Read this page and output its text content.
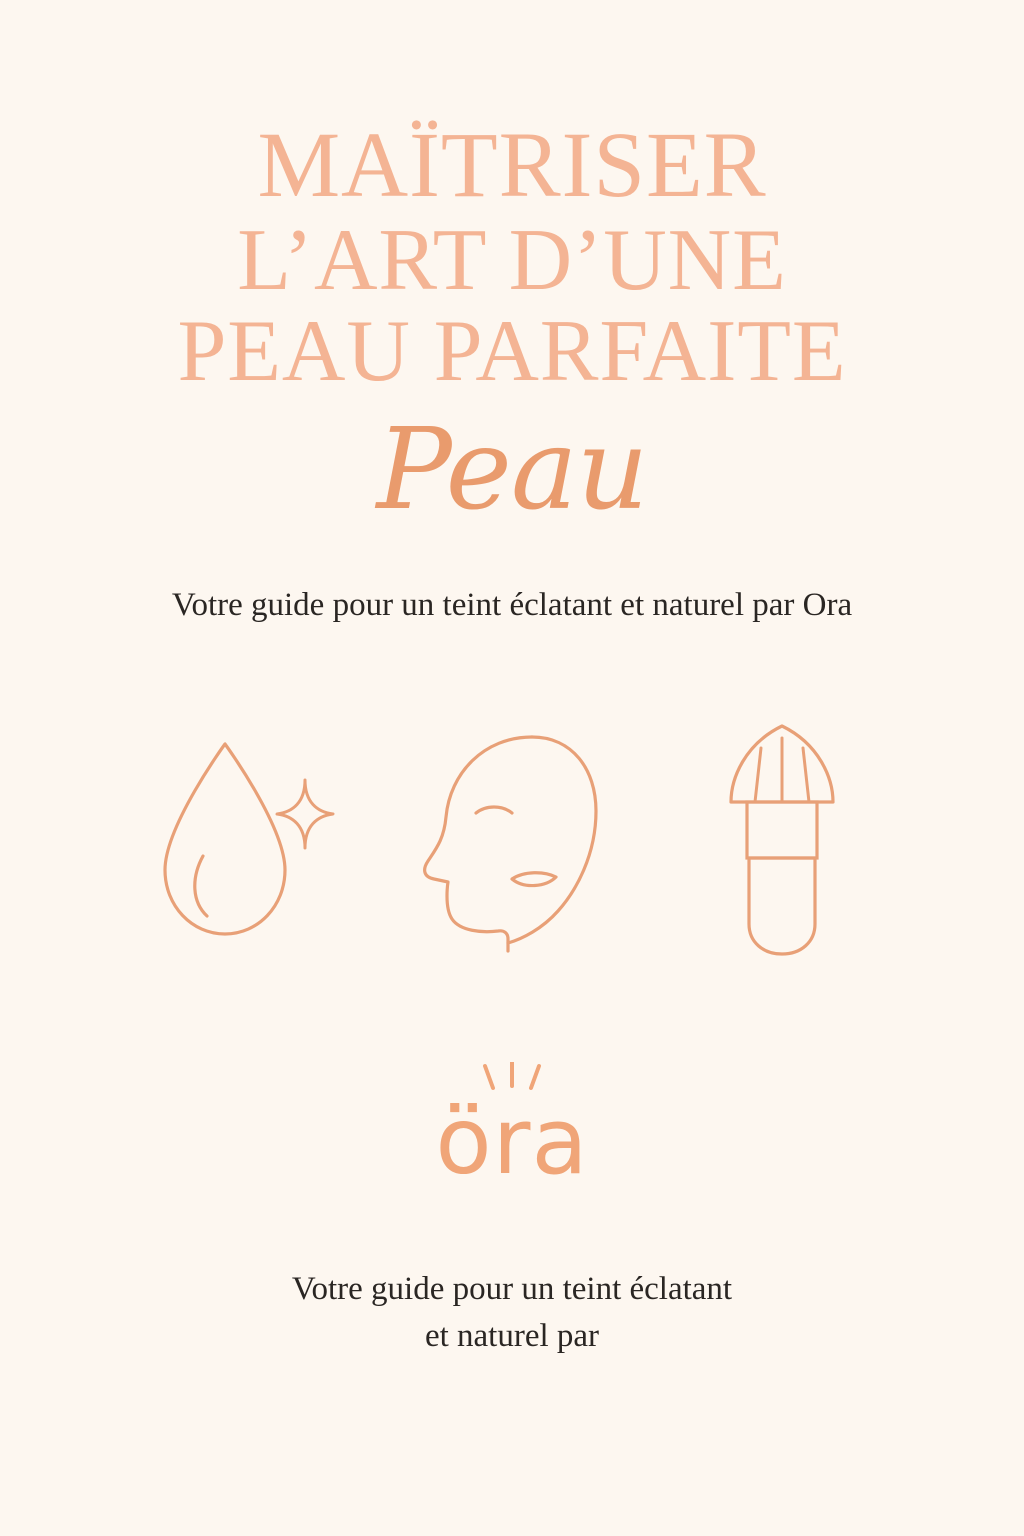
MAÏTRISER
L’ART D’UNE
PEAU PARFAITE
Peau
Votre guide pour un teint éclatant et naturel par Ora
öra
Votre guide pour un teint éclatant
et naturel par
